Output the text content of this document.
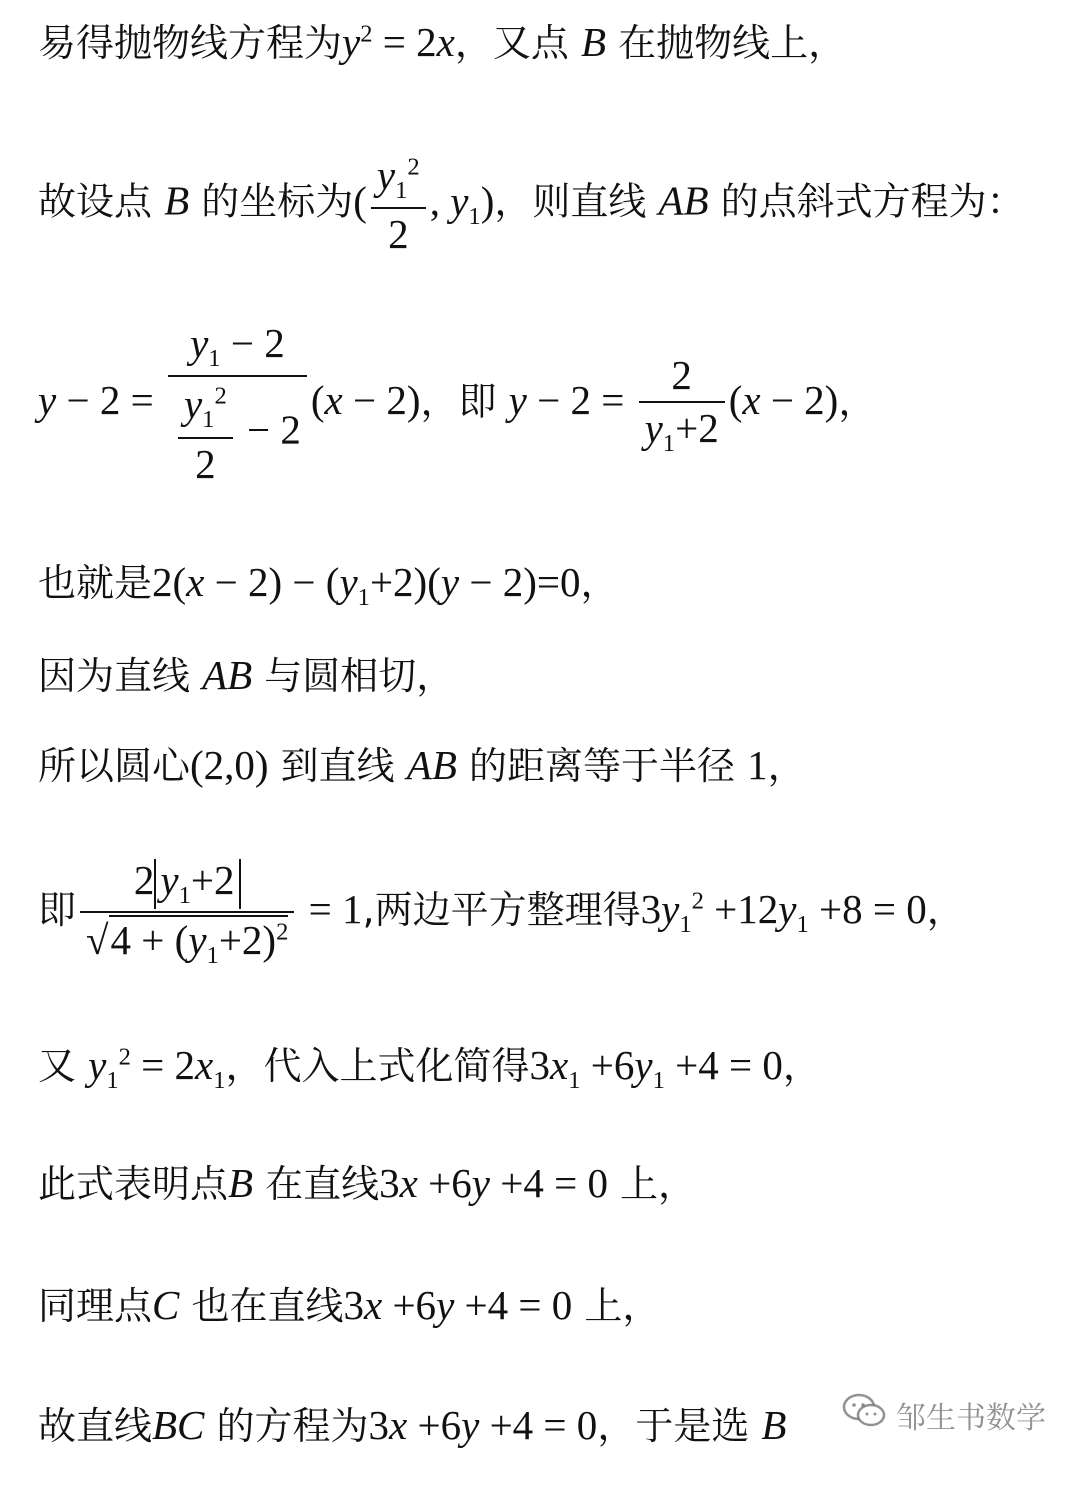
易得抛物线方程为$y^2 = 2x$，又点 B 在抛物线上，
故设点 B 的坐标为( $\frac{y_1^2}{2}$ , $y_1$)，则直线 AB 的点斜式方程为：
$y - 2 = \frac{y_1 - 2}{\frac{y_1^2}{2} - 2} (x - 2)$，即 $y - 2 = \frac{2}{y_1+2} (x - 2)$，
也就是$2(x - 2) - (y_1+2)(y - 2)=0$，
因为直线 AB 与圆相切，
所以圆心(2,0) 到直线 AB 的距离等于半径 1，
即 $\frac{2 y_1+2}{√4 + (y_1+2)^2} = 1$,两边平方整理得$3y_1^2 +12y_1 +8 = 0$，
又 $y_1^2 = 2x_1$，代入上式化简得$3x_1 +6y_1 +4 = 0$，
此式表明点B 在直线3x +6y +4 = 0 上，
同理点C 也在直线3x +6y +4 = 0 上，
故直线BC 的方程为3x +6y +4 = 0，于是选 B	邹生书数学
